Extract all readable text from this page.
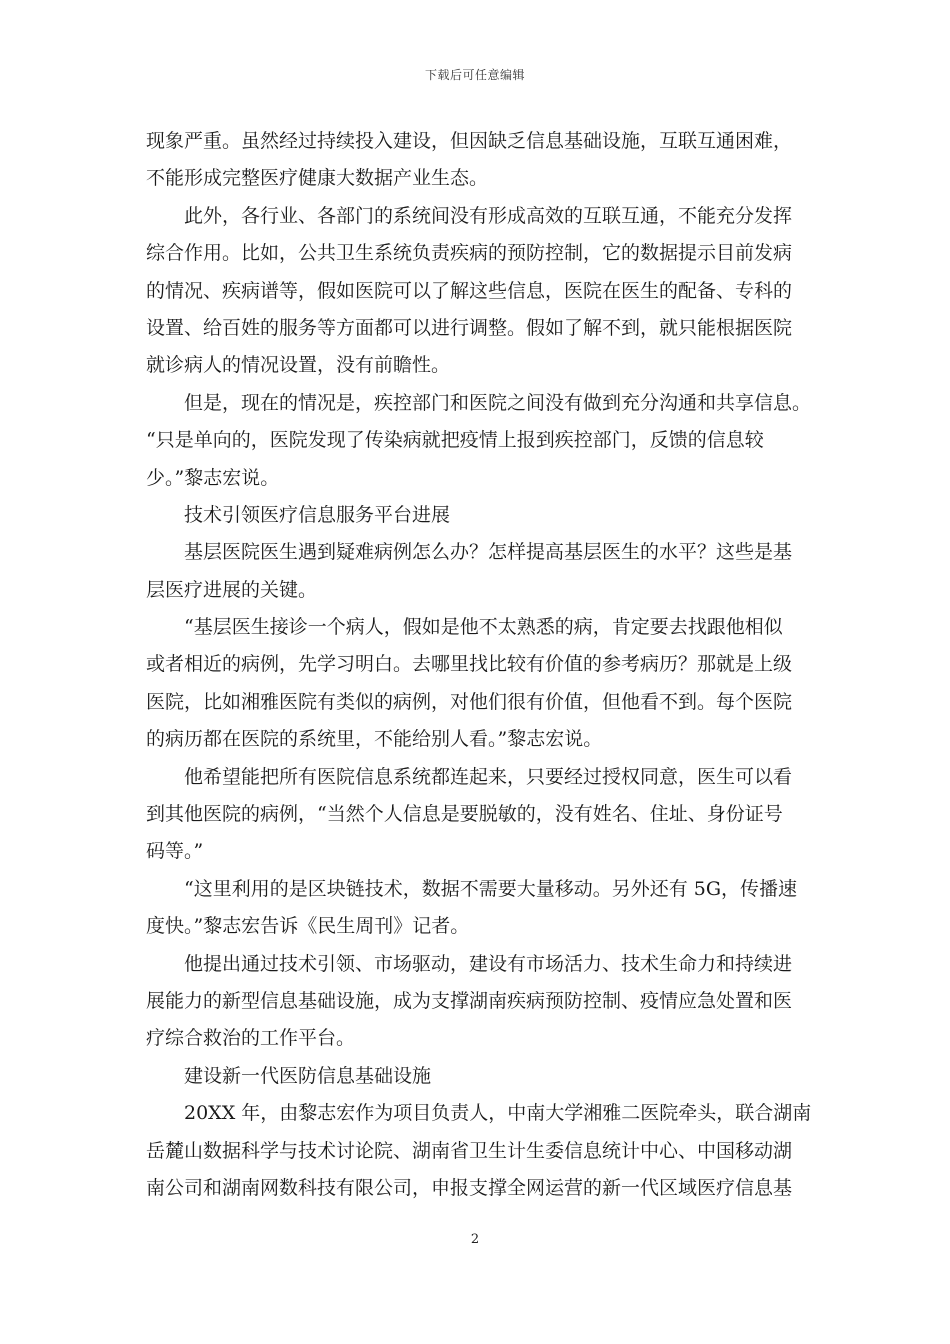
下载后可任意编辑
现象严重。虽然经过持续投入建设，但因缺乏信息基础设施，互联互通困难，
不能形成完整医疗健康大数据产业生态。
此外，各行业、各部门的系统间没有形成高效的互联互通，不能充分发挥
综合作用。比如，公共卫生系统负责疾病的预防控制，它的数据提示目前发病
的情况、疾病谱等，假如医院可以了解这些信息，医院在医生的配备、专科的
设置、给百姓的服务等方面都可以进行调整。假如了解不到，就只能根据医院
就诊病人的情况设置，没有前瞻性。
但是，现在的情况是，疾控部门和医院之间没有做到充分沟通和共享信息。
“只是单向的，医院发现了传染病就把疫情上报到疾控部门，反馈的信息较
少。”黎志宏说。
技术引领医疗信息服务平台进展
基层医院医生遇到疑难病例怎么办？怎样提高基层医生的水平？这些是基
层医疗进展的关键。
“基层医生接诊一个病人，假如是他不太熟悉的病，肯定要去找跟他相似
或者相近的病例，先学习明白。去哪里找比较有价值的参考病历？那就是上级
医院，比如湘雅医院有类似的病例，对他们很有价值，但他看不到。每个医院
的病历都在医院的系统里，不能给别人看。”黎志宏说。
他希望能把所有医院信息系统都连起来，只要经过授权同意，医生可以看
到其他医院的病例，“当然个人信息是要脱敏的，没有姓名、住址、身份证号
码等。”
“这里利用的是区块链技术，数据不需要大量移动。另外还有 5G，传播速
度快。”黎志宏告诉《民生周刊》记者。
他提出通过技术引领、市场驱动，建设有市场活力、技术生命力和持续进
展能力的新型信息基础设施，成为支撑湖南疾病预防控制、疫情应急处置和医
疗综合救治的工作平台。
建设新一代医防信息基础设施
20XX 年，由黎志宏作为项目负责人，中南大学湘雅二医院牵头，联合湖南
岳麓山数据科学与技术讨论院、湖南省卫生计生委信息统计中心、中国移动湖
南公司和湖南网数科技有限公司，申报支撑全网运营的新一代区域医疗信息基
2
